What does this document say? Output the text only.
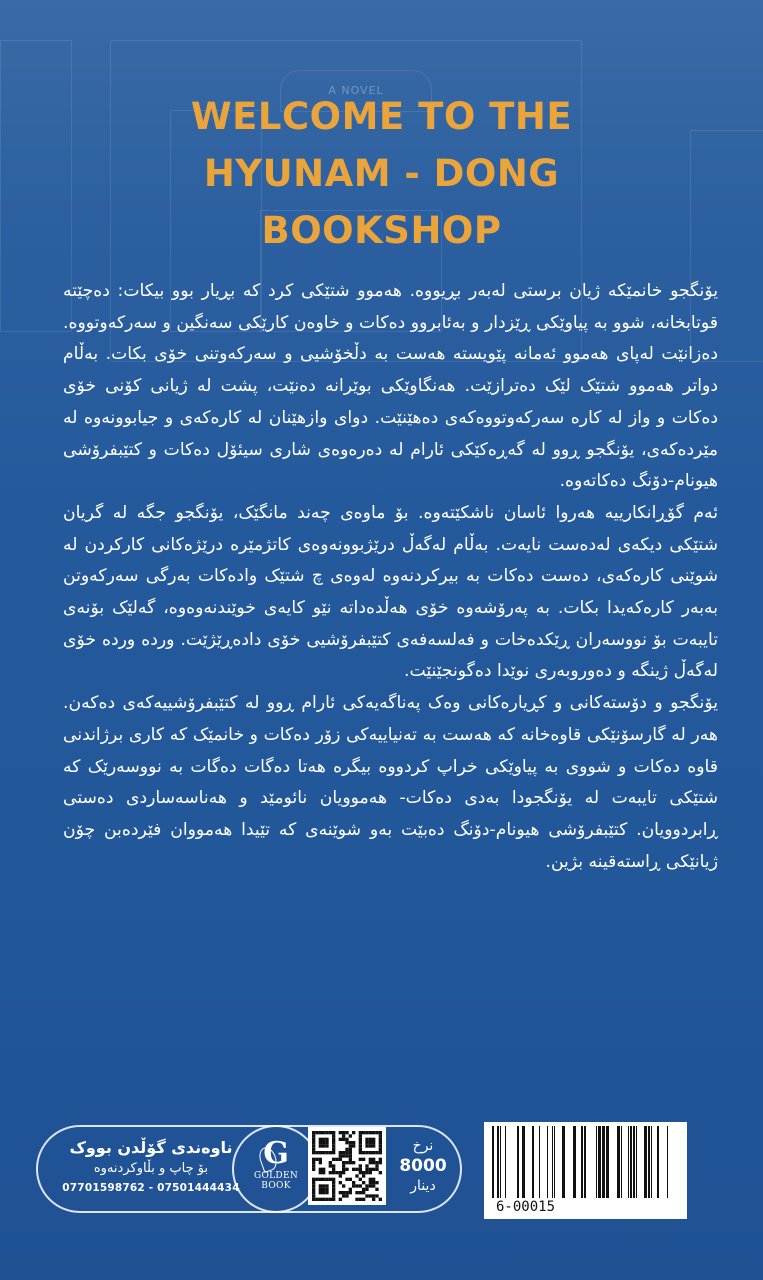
A NOVEL
WELCOME TO THE
HYUNAM - DONG
BOOKSHOP

یۆنگجو خانمێکە ژیان برستی لەبەر بڕیووە. هەموو شتێکی کرد کە بڕیار بوو بیکات: دەچێتە قوتابخانە، شوو بە پیاوێکی ڕێزدار و بەئابروو دەکات و خاوەن کارێکی سەنگین و سەرکەوتووە. دەزانێت لەپای هەموو ئەمانە پێویستە هەست بە دڵخۆشیی و سەرکەوتنی خۆی بکات. بەڵام دواتر هەموو شتێک لێک دەترازێت. هەنگاوێکی بوێرانە دەنێت، پشت لە ژیانی کۆنی خۆی دەکات و واز لە کارە سەرکەوتووەکەی دەهێنێت. دوای وازهێنان لە کارەکەی و جیابوونەوە لە مێردەکەی، یۆنگجو ڕوو لە گەڕەکێکی ئارام لە دەرەوەی شاری سیئۆل دەکات و کتێبفرۆشی هیونام-دۆنگ دەکاتەوە.

ئەم گۆڕانکارییە هەروا ئاسان ناشکێتەوە. بۆ ماوەی چەند مانگێک، یۆنگجو جگە لە گریان شتێکی دیکەی لەدەست نایەت. بەڵام لەگەڵ درێژبوونەوەی کاتژمێرە درێژەکانی کارکردن لە شوێنی کارەکەی، دەست دەکات بە بیرکردنەوە لەوەی چ شتێک وادەکات بەرگی سەرکەوتن بەبەر کارەکەیدا بکات. بە پەرۆشەوە خۆی هەڵدەداتە نێو کایەی خوێندنەوەوە، گەلێک بۆنەی تایبەت بۆ نووسەران ڕێکدەخات و فەلسەفەی کتێبفرۆشیی خۆی دادەڕێژێت. وردە وردە خۆی لەگەڵ ژینگە و دەوروبەری نوێدا دەگونجێنێت.

یۆنگجو و دۆستەکانی و کڕیارەکانی وەک پەناگەیەکی ئارام ڕوو لە کتێبفرۆشییەکەی دەکەن. هەر لە گارسۆنێکی قاوەخانە کە هەست بە تەنیاییەکی زۆر دەکات و خانمێک کە کاری برژاندنی قاوە دەکات و شووی بە پیاوێکی خراپ کردووە بیگرە هەتا دەگات دەگات بە نووسەرێک کە شتێکی تایبەت لە یۆنگجودا بەدی دەکات- هەموویان نائومێد و هەناسەساردی دەستی ڕابردوویان. کتێبفرۆشی هیونام-دۆنگ دەبێت بەو شوێنەی کە تێیدا هەمووان فێردەبن چۆن ژیانێکی ڕاستەقینە بژین.

ناوەندی گۆڵدن بووک
بۆ چاپ و بڵاوکردنەوە
07701598762 - 07501444434
G
GOLDEN
BOOK
نرخ
8000
دینار
6-00015
